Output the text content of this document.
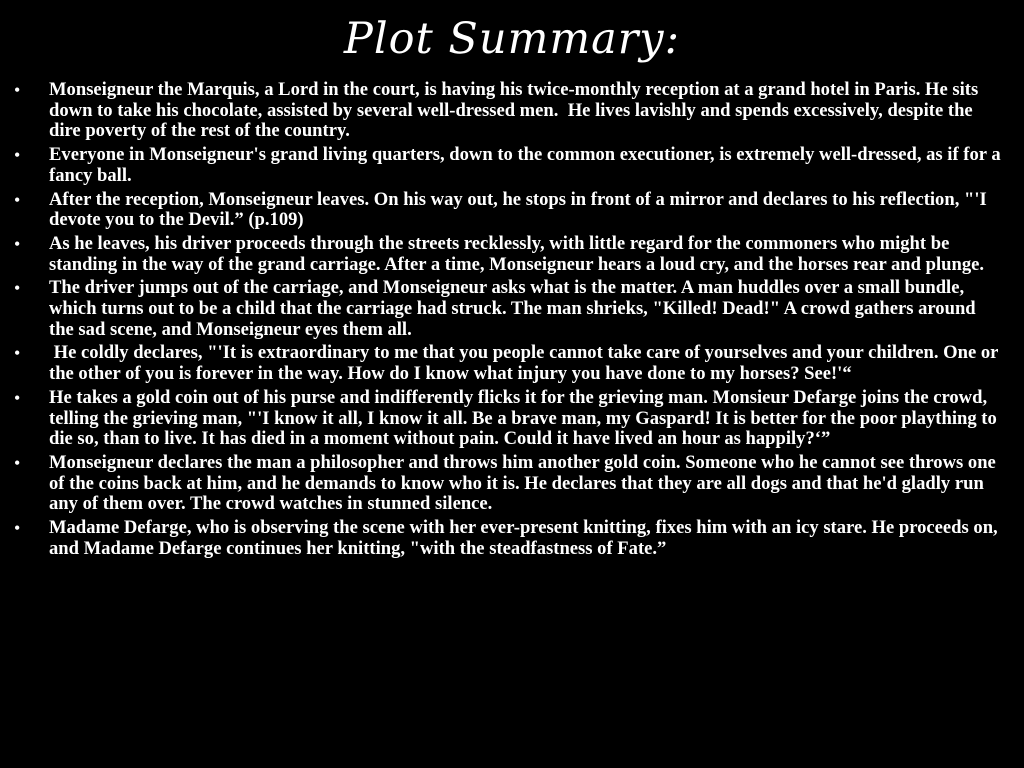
Plot Summary:
•	Monseigneur the Marquis, a Lord in the court, is having his twice-monthly reception at a grand hotel in Paris. He sits down to take his chocolate, assisted by several well-dressed men.  He lives lavishly and spends excessively, despite the dire poverty of the rest of the country.
•	Everyone in Monseigneur's grand living quarters, down to the common executioner, is extremely well-dressed, as if for a fancy ball.
•	After the reception, Monseigneur leaves. On his way out, he stops in front of a mirror and declares to his reflection, "'I devote you to the Devil.” (p.109)
•	As he leaves, his driver proceeds through the streets recklessly, with little regard for the commoners who might be standing in the way of the grand carriage. After a time, Monseigneur hears a loud cry, and the horses rear and plunge.
•	The driver jumps out of the carriage, and Monseigneur asks what is the matter. A man huddles over a small bundle, which turns out to be a child that the carriage had struck. The man shrieks, "Killed! Dead!" A crowd gathers around the sad scene, and Monseigneur eyes them all.
•	He coldly declares, "'It is extraordinary to me that you people cannot take care of yourselves and your children. One or the other of you is forever in the way. How do I know what injury you have done to my horses? See!'“
•	He takes a gold coin out of his purse and indifferently flicks it for the grieving man. Monsieur Defarge joins the crowd, telling the grieving man, "'I know it all, I know it all. Be a brave man, my Gaspard! It is better for the poor plaything to die so, than to live. It has died in a moment without pain. Could it have lived an hour as happily?‘”
•	Monseigneur declares the man a philosopher and throws him another gold coin. Someone who he cannot see throws one of the coins back at him, and he demands to know who it is. He declares that they are all dogs and that he'd gladly run any of them over. The crowd watches in stunned silence.
•	Madame Defarge, who is observing the scene with her ever-present knitting, fixes him with an icy stare. He proceeds on, and Madame Defarge continues her knitting, "with the steadfastness of Fate.”
